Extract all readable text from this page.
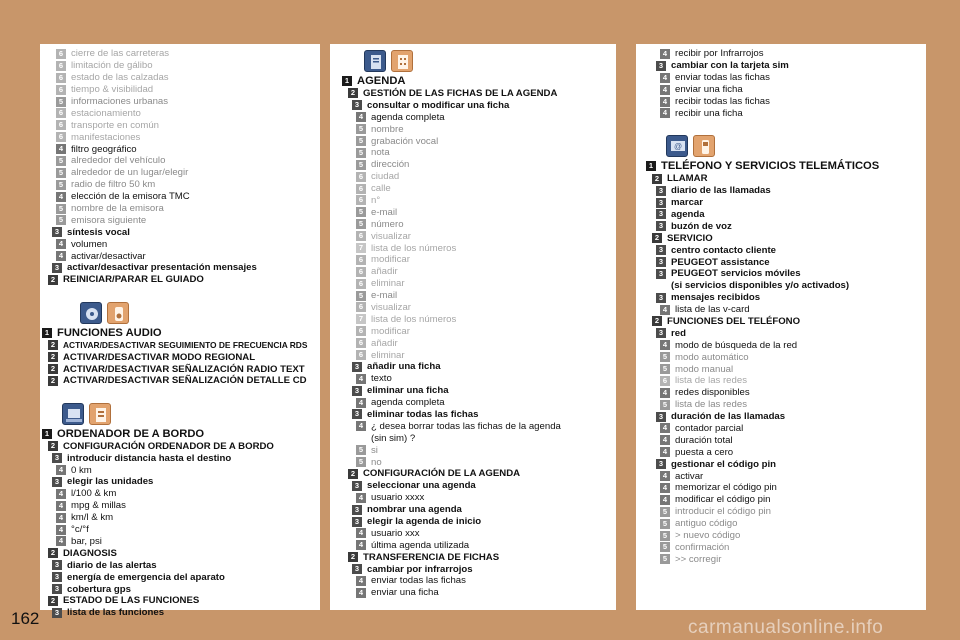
6 cierre de las carreteras
6 limitación de gálibo
6 estado de las calzadas
6 tiempo & visibilidad
5 informaciones urbanas
6 estacionamiento
6 transporte en común
6 manifestaciones
4 filtro geográfico
5 alrededor del vehículo
5 alrededor de un lugar/elegir
5 radio de filtro 50 km
4 elección de la emisora TMC
5 nombre de la emisora
5 emisora siguiente
3 síntesis vocal
4 volumen
4 activar/desactivar
3 activar/desactivar presentación mensajes
2 REINICIAR/PARAR EL GUIADO
1 FUNCIONES AUDIO
2 ACTIVAR/DESACTIVAR SEGUIMIENTO DE FRECUENCIA RDS
2 ACTIVAR/DESACTIVAR MODO REGIONAL
2 ACTIVAR/DESACTIVAR SEÑALIZACIÓN RADIO TEXT
2 ACTIVAR/DESACTIVAR SEÑALIZACIÓN DETALLE CD
1 ORDENADOR DE A BORDO
2 CONFIGURACIÓN ORDENADOR DE A BORDO
3 introducir distancia hasta el destino
4 0 km
3 elegir las unidades
4 l/100 & km
4 mpg & millas
4 km/l & km
4 °c/°f
4 bar, psi
2 DIAGNOSIS
3 diario de las alertas
3 energía de emergencia del aparato
3 cobertura gps
2 ESTADO DE LAS FUNCIONES
3 lista de las funciones
1 AGENDA
2 GESTIÓN DE LAS FICHAS DE LA AGENDA
3 consultar o modificar una ficha
4 agenda completa
5 nombre
5 grabación vocal
5 nota
5 dirección
6 ciudad
6 calle
6 n°
5 e-mail
5 número
6 visualizar
7 lista de los números
6 modificar
6 añadir
6 eliminar
5 e-mail
6 visualizar
7 lista de los números
6 modificar
6 añadir
6 eliminar
3 añadir una ficha
4 texto
3 eliminar una ficha
4 agenda completa
3 eliminar todas las fichas
4 ¿ desea borrar todas las fichas de la agenda
(sin sim) ?
5 si
5 no
2 CONFIGURACIÓN DE LA AGENDA
3 seleccionar una agenda
4 usuario xxxx
3 nombrar una agenda
3 elegir la agenda de inicio
4 usuario xxx
4 última agenda utilizada
2 TRANSFERENCIA DE FICHAS
3 cambiar por infrarrojos
4 enviar todas las fichas
4 enviar una ficha
4 recibir por Infrarrojos
3 cambiar con la tarjeta sim
4 enviar todas las fichas
4 enviar una ficha
4 recibir todas las fichas
4 recibir una ficha
@
1 TELÉFONO Y SERVICIOS TELEMÁTICOS
2 LLAMAR
3 diario de las llamadas
3 marcar
3 agenda
3 buzón de voz
2 SERVICIO
3 centro contacto cliente
3 PEUGEOT assistance
3 PEUGEOT servicios móviles
(si servicios disponibles y/o activados)
3 mensajes recibidos
4 lista de las v-card
2 FUNCIONES DEL TELÉFONO
3 red
4 modo de búsqueda de la red
5 modo automático
5 modo manual
6 lista de las redes
4 redes disponibles
5 lista de las redes
3 duración de las llamadas
4 contador parcial
4 duración total
4 puesta a cero
3 gestionar el código pin
4 activar
4 memorizar el código pin
4 modificar el código pin
5 introducir el código pin
5 antiguo código
5 > nuevo código
5 confirmación
5 >> corregir
162	carmanualsonline.info
